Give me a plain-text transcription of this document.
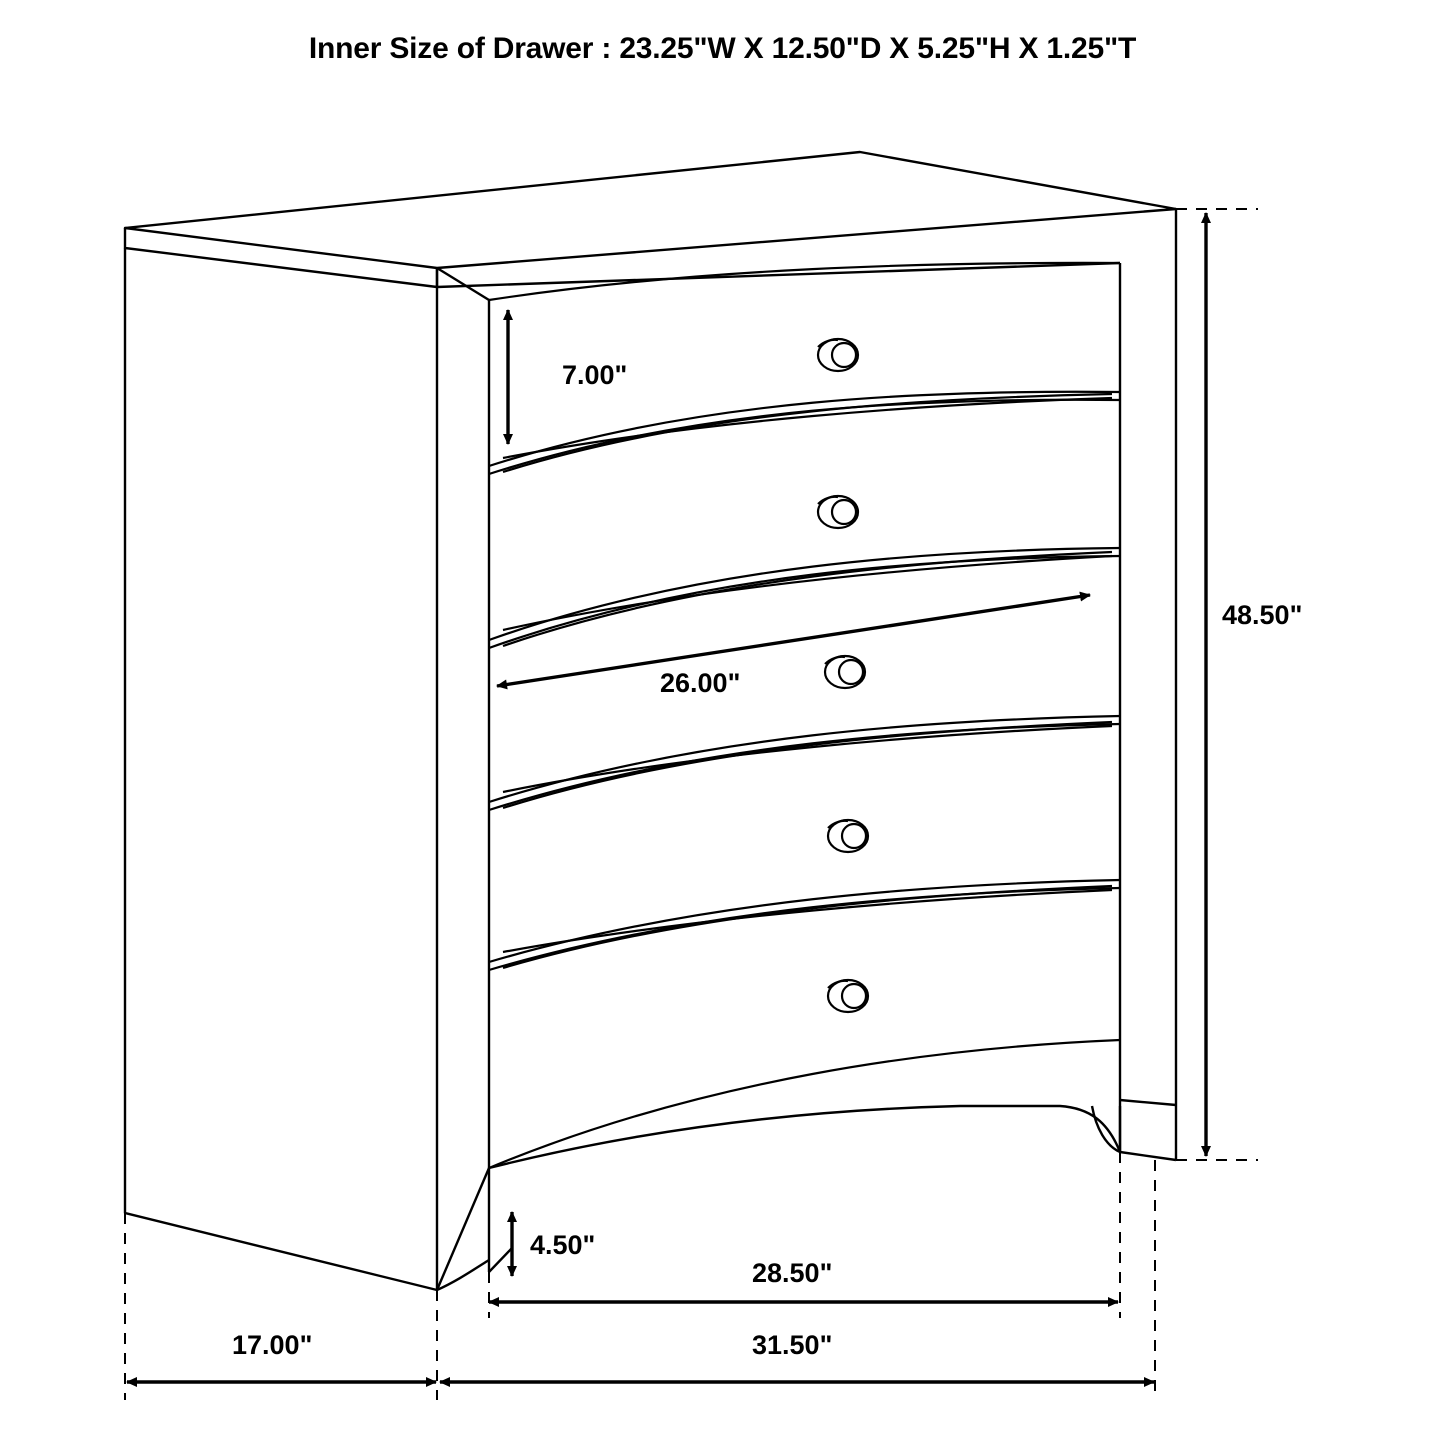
Inner Size of Drawer : 23.25"W X 12.50"D X 5.25"H X 1.25"T
7.00"
48.50"
26.00"
4.50"
28.50"
17.00"	31.50"
